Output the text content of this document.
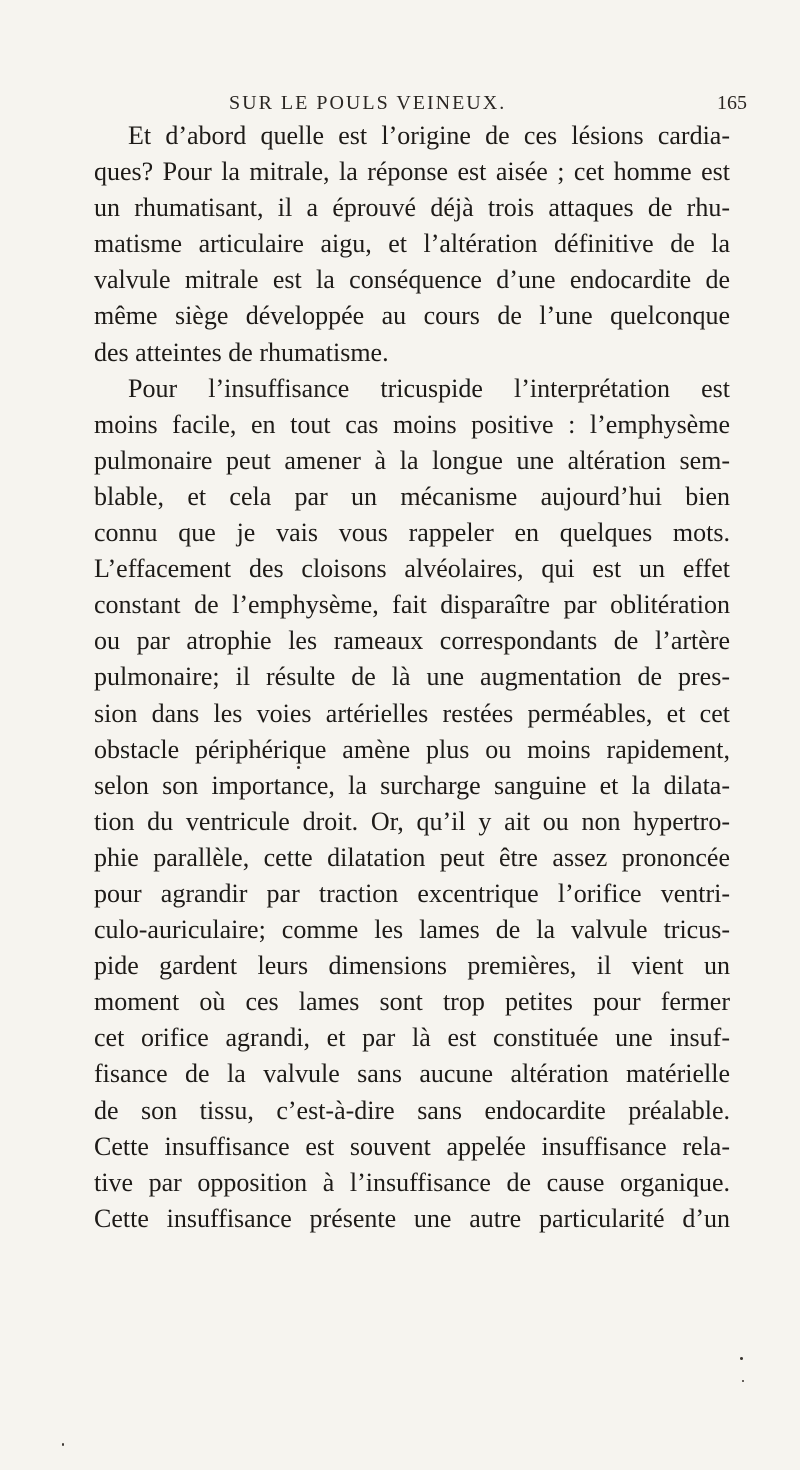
SUR LE POULS VEINEUX.	165
Et d’abord quelle est l’origine de ces lésions cardia-
ques? Pour la mitrale, la réponse est aisée ; cet homme est
un rhumatisant, il a éprouvé déjà trois attaques de rhu-
matisme articulaire aigu, et l’altération définitive de la
valvule mitrale est la conséquence d’une endocardite de
même siège développée au cours de l’une quelconque
des atteintes de rhumatisme.
Pour l’insuffisance tricuspide l’interprétation est
moins facile, en tout cas moins positive : l’emphysème
pulmonaire peut amener à la longue une altération sem-
blable, et cela par un mécanisme aujourd’hui bien
connu que je vais vous rappeler en quelques mots.
L’effacement des cloisons alvéolaires, qui est un effet
constant de l’emphysème, fait disparaître par oblitération
ou par atrophie les rameaux correspondants de l’artère
pulmonaire; il résulte de là une augmentation de pres-
sion dans les voies artérielles restées perméables, et cet
obstacle périphérique amène plus ou moins rapidement,
selon son importance, la surcharge sanguine et la dilata-
tion du ventricule droit. Or, qu’il y ait ou non hypertro-
phie parallèle, cette dilatation peut être assez prononcée
pour agrandir par traction excentrique l’orifice ventri-
culo-auriculaire; comme les lames de la valvule tricus-
pide gardent leurs dimensions premières, il vient un
moment où ces lames sont trop petites pour fermer
cet orifice agrandi, et par là est constituée une insuf-
fisance de la valvule sans aucune altération matérielle
de son tissu, c’est-à-dire sans endocardite préalable.
Cette insuffisance est souvent appelée insuffisance rela-
tive par opposition à l’insuffisance de cause organique.
Cette insuffisance présente une autre particularité d’un
